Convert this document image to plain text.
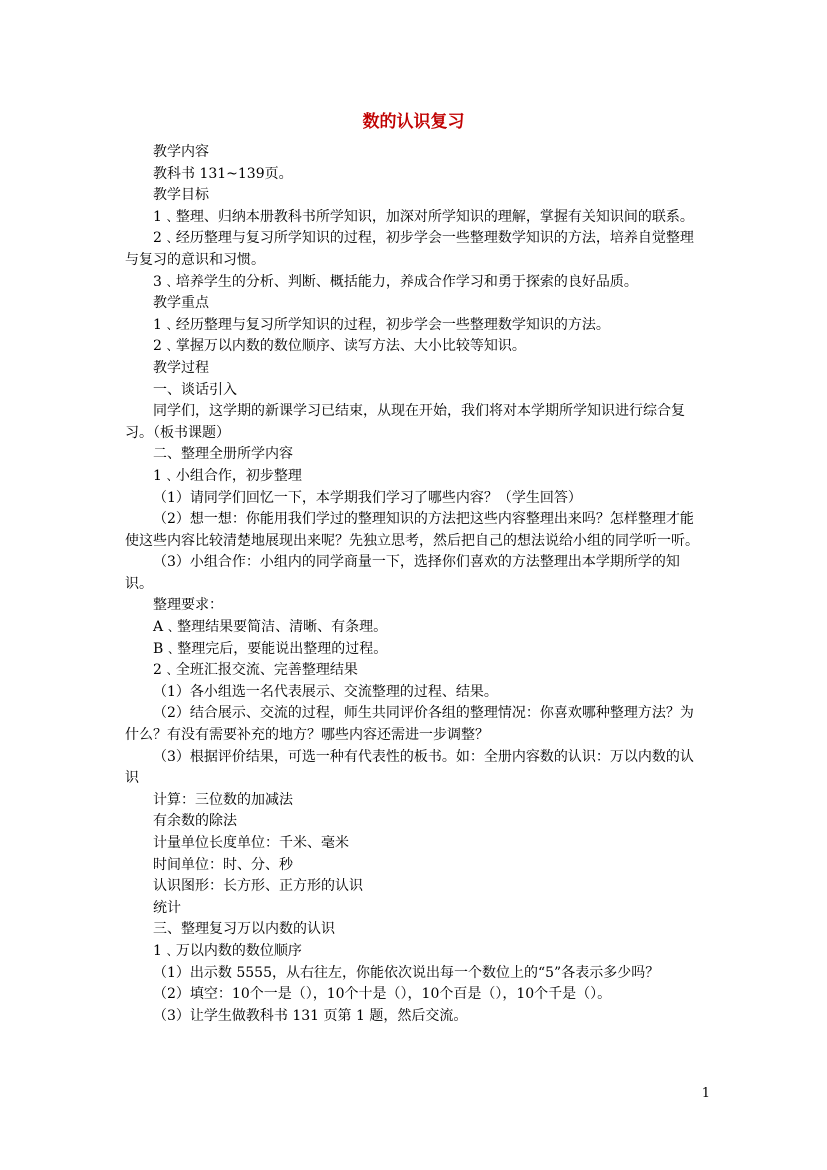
数的认识复习

教学内容

教科书 131~139页。

教学目标

1﹑整理、归纳本册教科书所学知识，加深对所学知识的理解，掌握有关知识间的联系。

2﹑经历整理与复习所学知识的过程，初步学会一些整理数学知识的方法，培养自觉整理与复习的意识和习惯。

3﹑培养学生的分析、判断、概括能力，养成合作学习和勇于探索的良好品质。

教学重点

1﹑经历整理与复习所学知识的过程，初步学会一些整理数学知识的方法。

2﹑掌握万以内数的数位顺序、读写方法、大小比较等知识。

教学过程

一、谈话引入

同学们，这学期的新课学习已结束，从现在开始，我们将对本学期所学知识进行综合复习。（板书课题）

二、整理全册所学内容

1﹑小组合作，初步整理

（1）请同学们回忆一下，本学期我们学习了哪些内容？（学生回答）

（2）想一想：你能用我们学过的整理知识的方法把这些内容整理出来吗？怎样整理才能使这些内容比较清楚地展现出来呢？先独立思考，然后把自己的想法说给小组的同学听一听。

（3）小组合作：小组内的同学商量一下，选择你们喜欢的方法整理出本学期所学的知识。

整理要求：

A﹑整理结果要简洁、清晰、有条理。

B﹑整理完后，要能说出整理的过程。

2﹑全班汇报交流、完善整理结果

（1）各小组选一名代表展示、交流整理的过程、结果。

（2）结合展示、交流的过程，师生共同评价各组的整理情况：你喜欢哪种整理方法？为什么？有没有需要补充的地方？哪些内容还需进一步调整？

（3）根据评价结果，可选一种有代表性的板书。如：全册内容数的认识：万以内数的认识

计算：三位数的加减法

有余数的除法

计量单位长度单位：千米、毫米

时间单位：时、分、秒

认识图形：长方形、正方形的认识

统计

三、整理复习万以内数的认识

1﹑万以内数的数位顺序

（1）出示数 5555，从右往左，你能依次说出每一个数位上的“5”各表示多少吗？

（2）填空：10个一是（），10个十是（），10个百是（），10个千是（）。

（3）让学生做教科书 131 页第 1 题，然后交流。

1
